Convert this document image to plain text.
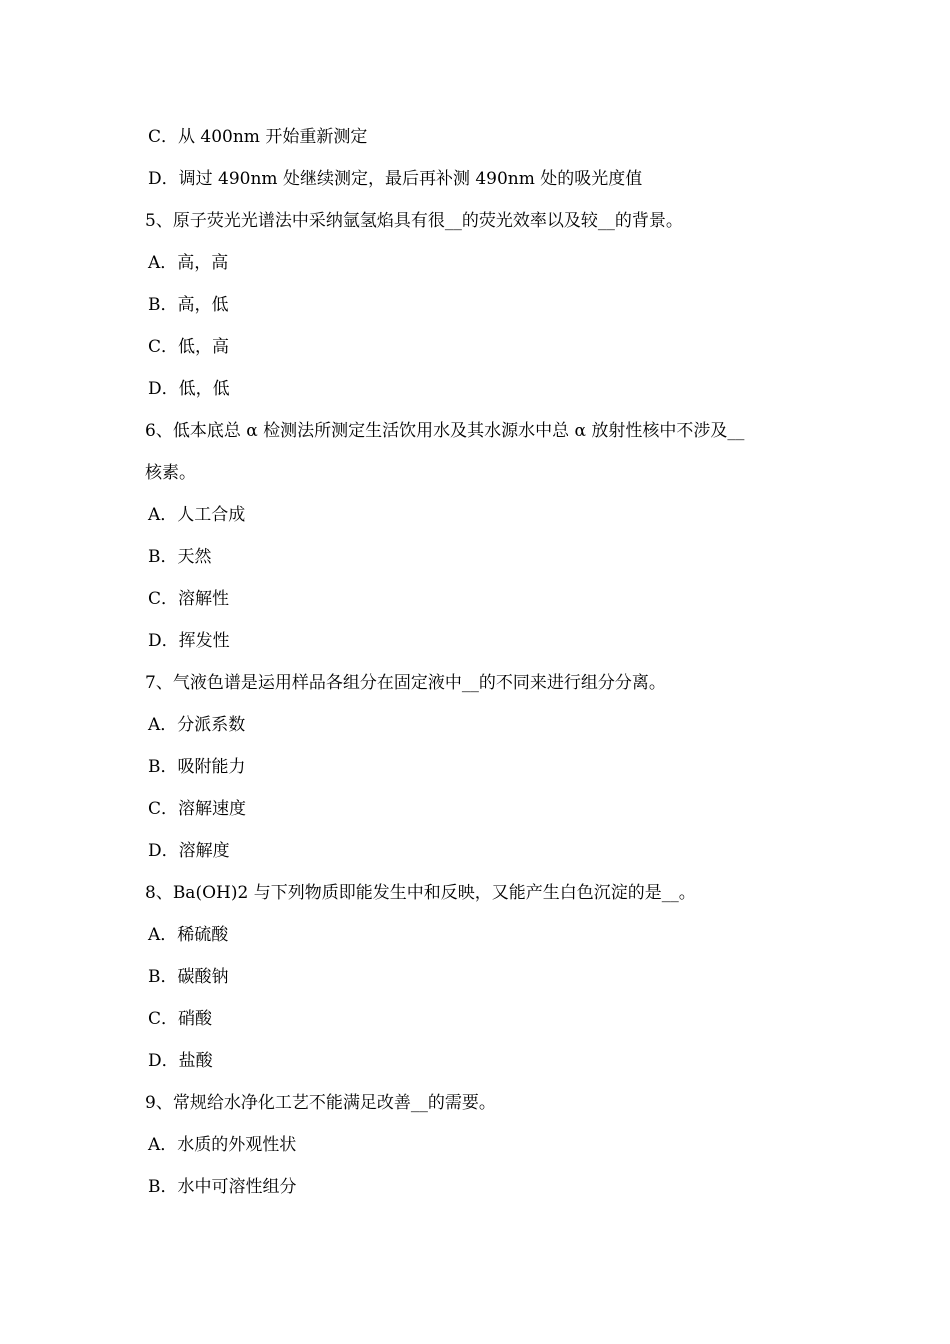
C．从 400nm 开始重新测定
D．调过 490nm 处继续测定，最后再补测 490nm 处的吸光度值
5、原子荧光光谱法中采纳氩氢焰具有很__的荧光效率以及较__的背景。
A．高，高
B．高，低
C．低，高
D．低，低
6、低本底总 α 检测法所测定生活饮用水及其水源水中总 α 放射性核中不涉及__
核素。
A．人工合成
B．天然
C．溶解性
D．挥发性
7、气液色谱是运用样品各组分在固定液中__的不同来进行组分分离。
A．分派系数
B．吸附能力
C．溶解速度
D．溶解度
8、Ba(OH)2 与下列物质即能发生中和反映，又能产生白色沉淀的是__。
A．稀硫酸
B．碳酸钠
C．硝酸
D．盐酸
9、常规给水净化工艺不能满足改善__的需要。
A．水质的外观性状
B．水中可溶性组分
